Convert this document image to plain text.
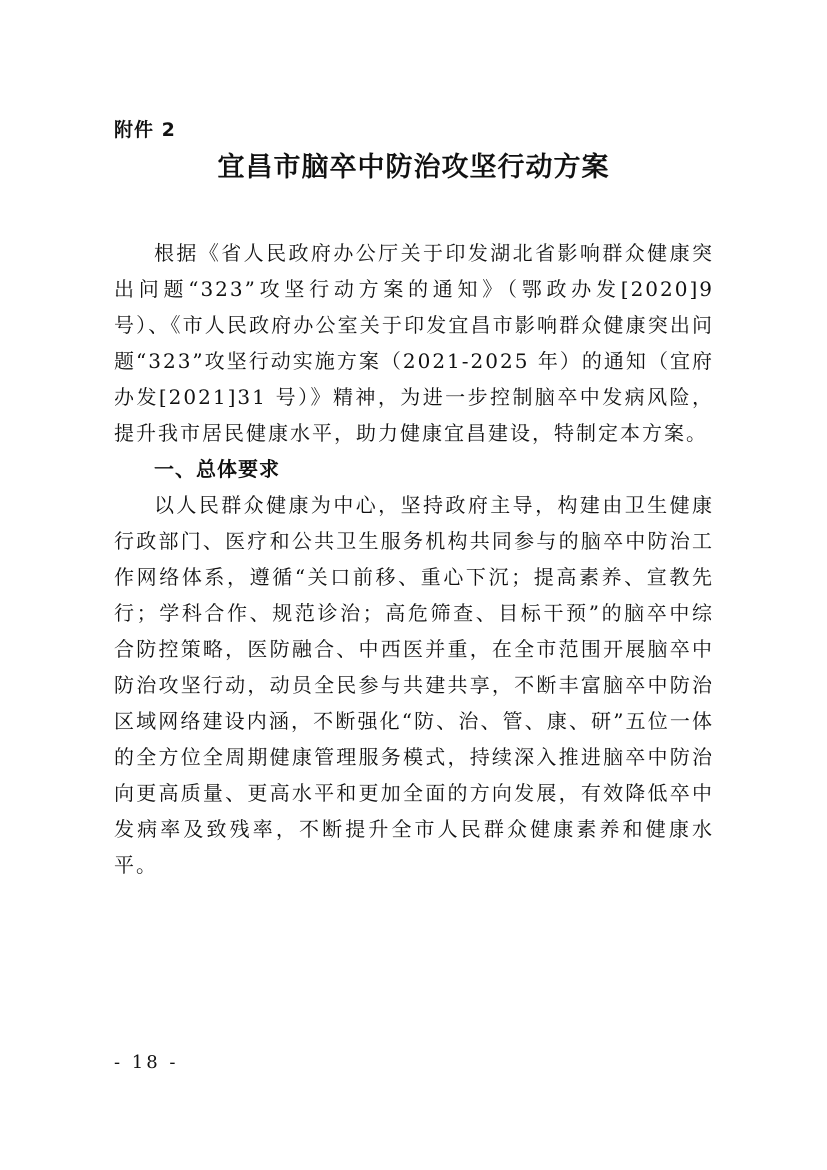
附件 2
宜昌市脑卒中防治攻坚行动方案

根据《省人民政府办公厅关于印发湖北省影响群众健康突出问题“323”攻坚行动方案的通知》（鄂政办发[2020]9 号）、《市人民政府办公室关于印发宜昌市影响群众健康突出问题“323”攻坚行动实施方案（2021-2025 年）的通知（宜府办发[2021]31 号）》精神，为进一步控制脑卒中发病风险，提升我市居民健康水平，助力健康宜昌建设，特制定本方案。

一、总体要求

以人民群众健康为中心，坚持政府主导，构建由卫生健康行政部门、医疗和公共卫生服务机构共同参与的脑卒中防治工作网络体系，遵循“关口前移、重心下沉；提高素养、宣教先行；学科合作、规范诊治；高危筛查、目标干预”的脑卒中综合防控策略，医防融合、中西医并重，在全市范围开展脑卒中防治攻坚行动，动员全民参与共建共享，不断丰富脑卒中防治区域网络建设内涵，不断强化“防、治、管、康、研”五位一体的全方位全周期健康管理服务模式，持续深入推进脑卒中防治向更高质量、更高水平和更加全面的方向发展，有效降低卒中发病率及致残率，不断提升全市人民群众健康素养和健康水平。

- 18 -
